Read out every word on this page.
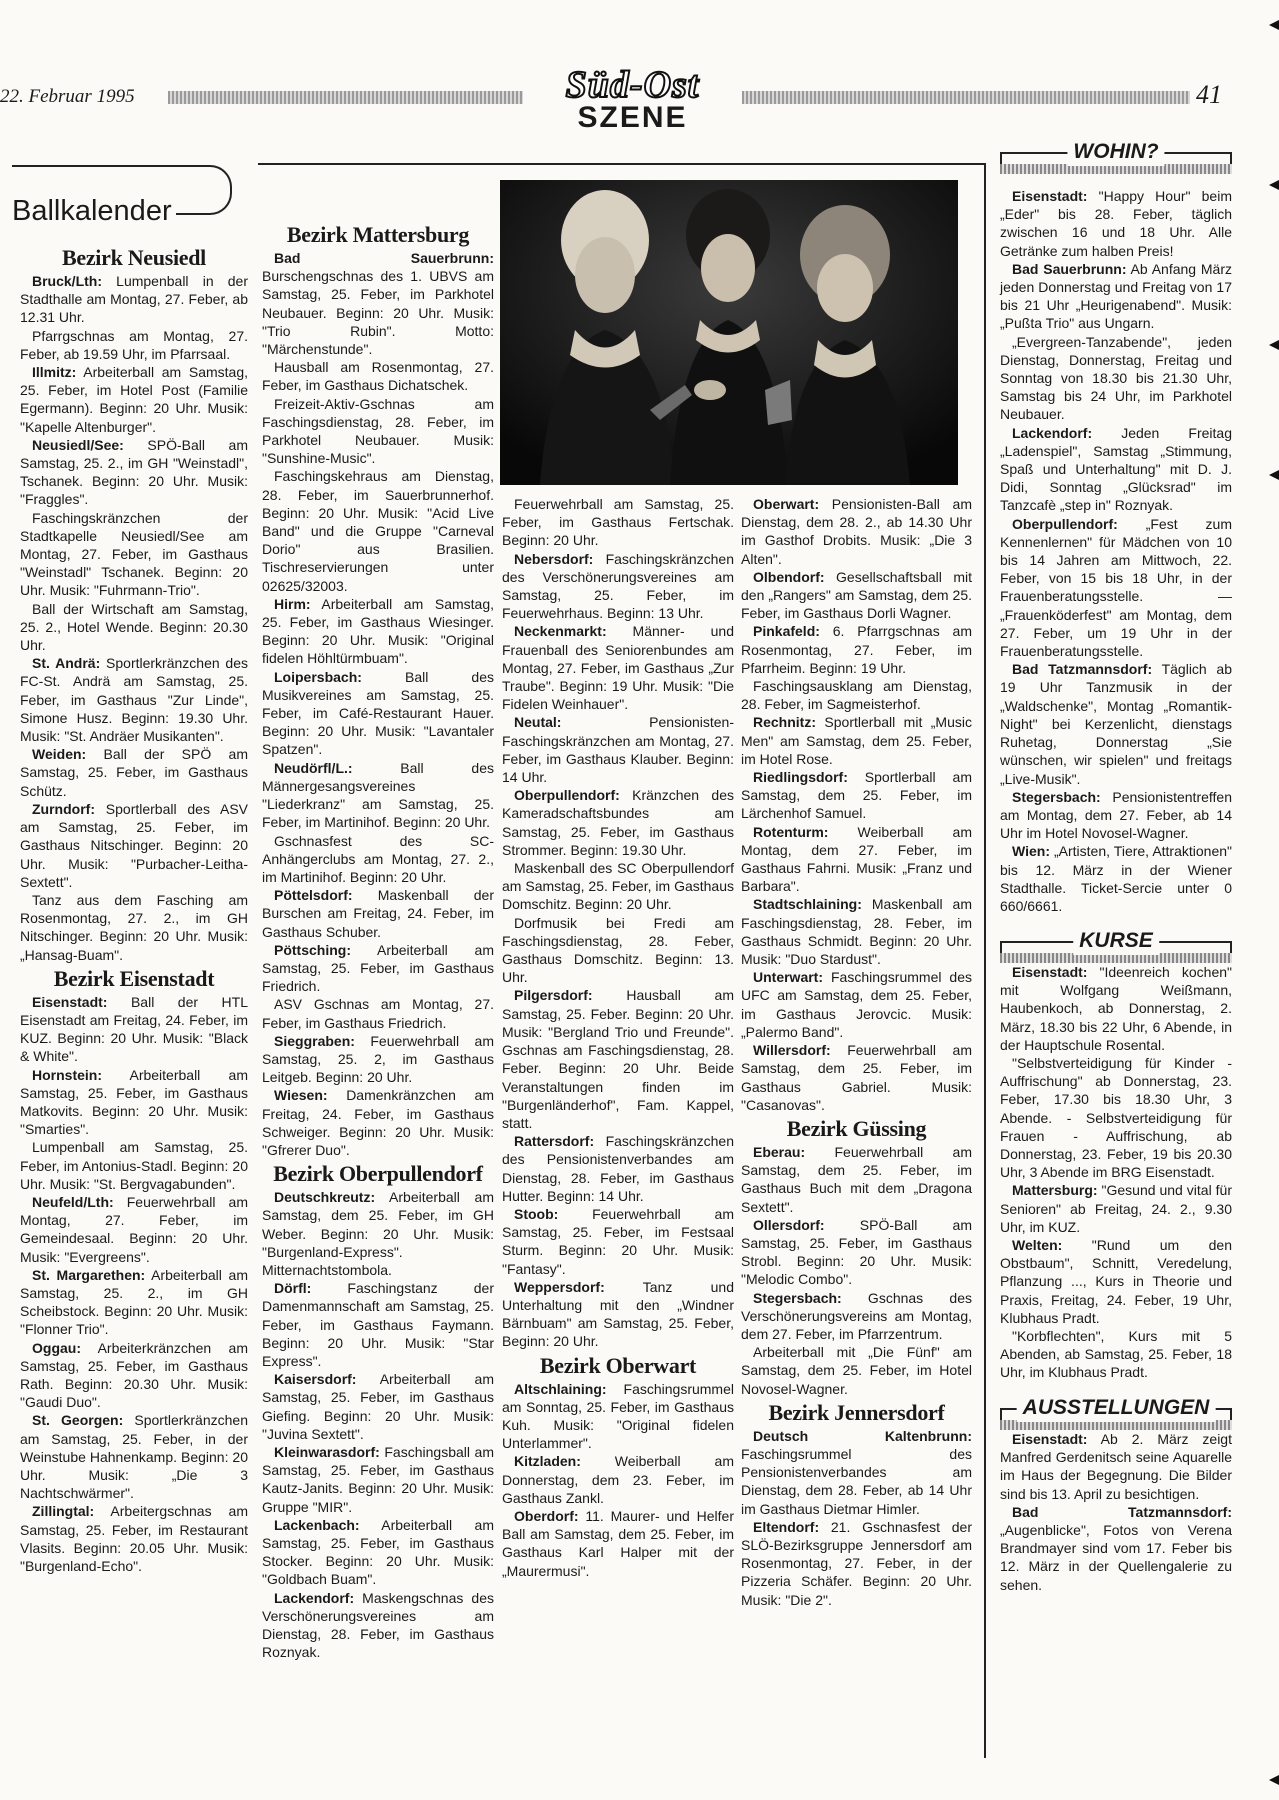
22. Februar 1995	Süd-Ost
SZENE
41
Ballkalender
Bezirk Neusiedl

Bruck/Lth: Lumpenball in der Stadthalle am Montag, 27. Feber, ab 12.31 Uhr.

Pfarrgschnas am Montag, 27. Feber, ab 19.59 Uhr, im Pfarrsaal.

Illmitz: Arbeiterball am Samstag, 25. Feber, im Hotel Post (Familie Egermann). Beginn: 20 Uhr. Musik: "Kapelle Altenburger".

Neusiedl/See: SPÖ-Ball am Samstag, 25. 2., im GH "Weinstadl", Tschanek. Beginn: 20 Uhr. Musik: "Fraggles".

Faschingskränzchen der Stadtkapelle Neusiedl/See am Montag, 27. Feber, im Gasthaus "Weinstadl" Tschanek. Beginn: 20 Uhr. Musik: "Fuhrmann-Trio".

Ball der Wirtschaft am Samstag, 25. 2., Hotel Wende. Beginn: 20.30 Uhr.

St. Andrä: Sportlerkränzchen des FC-St. Andrä am Samstag, 25. Feber, im Gasthaus "Zur Linde", Simone Husz. Beginn: 19.30 Uhr. Musik: "St. Andräer Musikanten".

Weiden: Ball der SPÖ am Samstag, 25. Feber, im Gasthaus Schütz.

Zurndorf: Sportlerball des ASV am Samstag, 25. Feber, im Gasthaus Nitschinger. Beginn: 20 Uhr. Musik: "Purbacher-Leitha-Sextett".

Tanz aus dem Fasching am Rosenmontag, 27. 2., im GH Nitschinger. Beginn: 20 Uhr. Musik: „Hansag-Buam".

Bezirk Eisenstadt

Eisenstadt: Ball der HTL Eisenstadt am Freitag, 24. Feber, im KUZ. Beginn: 20 Uhr. Musik: "Black & White".

Hornstein: Arbeiterball am Samstag, 25. Feber, im Gasthaus Matkovits. Beginn: 20 Uhr. Musik: "Smarties".

Lumpenball am Samstag, 25. Feber, im Antonius-Stadl. Beginn: 20 Uhr. Musik: "St. Bergvagabunden".

Neufeld/Lth: Feuerwehrball am Montag, 27. Feber, im Gemeindesaal. Beginn: 20 Uhr. Musik: "Evergreens".

St. Margarethen: Arbeiterball am Samstag, 25. 2., im GH Scheibstock. Beginn: 20 Uhr. Musik: "Flonner Trio".

Oggau: Arbeiterkränzchen am Samstag, 25. Feber, im Gasthaus Rath. Beginn: 20.30 Uhr. Musik: "Gaudi Duo".

St. Georgen: Sportlerkränzchen am Samstag, 25. Feber, in der Weinstube Hahnenkamp. Beginn: 20 Uhr. Musik: „Die 3 Nachtschwärmer".

Zillingtal: Arbeitergschnas am Samstag, 25. Feber, im Restaurant Vlasits. Beginn: 20.05 Uhr. Musik: "Burgenland-Echo".

Bezirk Mattersburg

Bad Sauerbrunn: Burschengschnas des 1. UBVS am Samstag, 25. Feber, im Parkhotel Neubauer. Beginn: 20 Uhr. Musik: "Trio Rubin". Motto: "Märchenstunde".

Hausball am Rosenmontag, 27. Feber, im Gasthaus Dichatschek.

Freizeit-Aktiv-Gschnas am Faschingsdienstag, 28. Feber, im Parkhotel Neubauer. Musik: "Sunshine-Music".

Faschingskehraus am Dienstag, 28. Feber, im Sauerbrunnerhof. Beginn: 20 Uhr. Musik: "Acid Live Band" und die Gruppe "Carneval Dorio" aus Brasilien. Tischreservierungen unter 02625/32003.

Hirm: Arbeiterball am Samstag, 25. Feber, im Gasthaus Wiesinger. Beginn: 20 Uhr. Musik: "Original fidelen Höhltürmbuam".

Loipersbach: Ball des Musikvereines am Samstag, 25. Feber, im Café-Restaurant Hauer. Beginn: 20 Uhr. Musik: "Lavantaler Spatzen".

Neudörfl/L.: Ball des Männergesangsvereines "Liederkranz" am Samstag, 25. Feber, im Martinihof. Beginn: 20 Uhr.

Gschnasfest des SC-Anhängerclubs am Montag, 27. 2., im Martinihof. Beginn: 20 Uhr.

Pöttelsdorf: Maskenball der Burschen am Freitag, 24. Feber, im Gasthaus Schuber.

Pöttsching: Arbeiterball am Samstag, 25. Feber, im Gasthaus Friedrich.

ASV Gschnas am Montag, 27. Feber, im Gasthaus Friedrich.

Sieggraben: Feuerwehrball am Samstag, 25. 2, im Gasthaus Leitgeb. Beginn: 20 Uhr.

Wiesen: Damenkränzchen am Freitag, 24. Feber, im Gasthaus Schweiger. Beginn: 20 Uhr. Musik: "Gfrerer Duo".

Bezirk Oberpullendorf

Deutschkreutz: Arbeiterball am Samstag, dem 25. Feber, im GH Weber. Beginn: 20 Uhr. Musik: "Burgenland-Express". Mitternachtstombola.

Dörfl: Faschingstanz der Damenmannschaft am Samstag, 25. Feber, im Gasthaus Faymann. Beginn: 20 Uhr. Musik: "Star Express".

Kaisersdorf: Arbeiterball am Samstag, 25. Feber, im Gasthaus Giefing. Beginn: 20 Uhr. Musik: "Juvina Sextett".

Kleinwarasdorf: Faschingsball am Samstag, 25. Feber, im Gasthaus Kautz-Janits. Beginn: 20 Uhr. Musik: Gruppe "MIR".

Lackenbach: Arbeiterball am Samstag, 25. Feber, im Gasthaus Stocker. Beginn: 20 Uhr. Musik: "Goldbach Buam".

Lackendorf: Maskengschnas des Verschönerungsvereines am Dienstag, 28. Feber, im Gasthaus Roznyak.

Feuerwehrball am Samstag, 25. Feber, im Gasthaus Fertschak. Beginn: 20 Uhr.

Nebersdorf: Faschingskränzchen des Verschönerungsvereines am Samstag, 25. Feber, im Feuerwehrhaus. Beginn: 13 Uhr.

Neckenmarkt: Männer- und Frauenball des Seniorenbundes am Montag, 27. Feber, im Gasthaus „Zur Traube". Beginn: 19 Uhr. Musik: "Die Fidelen Weinhauer".

Neutal: Pensionisten-Faschingskränzchen am Montag, 27. Feber, im Gasthaus Klauber. Beginn: 14 Uhr.

Oberpullendorf: Kränzchen des Kameradschaftsbundes am Samstag, 25. Feber, im Gasthaus Strommer. Beginn: 19.30 Uhr.

Maskenball des SC Oberpullendorf am Samstag, 25. Feber, im Gasthaus Domschitz. Beginn: 20 Uhr.

Dorfmusik bei Fredi am Faschingsdienstag, 28. Feber, Gasthaus Domschitz. Beginn: 13. Uhr.

Pilgersdorf: Hausball am Samstag, 25. Feber. Beginn: 20 Uhr. Musik: "Bergland Trio und Freunde". Gschnas am Faschingsdienstag, 28. Feber. Beginn: 20 Uhr. Beide Veranstaltungen finden im "Burgenländerhof", Fam. Kappel, statt.

Rattersdorf: Faschingskränzchen des Pensionistenverbandes am Dienstag, 28. Feber, im Gasthaus Hutter. Beginn: 14 Uhr.

Stoob: Feuerwehrball am Samstag, 25. Feber, im Festsaal Sturm. Beginn: 20 Uhr. Musik: "Fantasy".

Weppersdorf: Tanz und Unterhaltung mit den „Windner Bärnbuam" am Samstag, 25. Feber, Beginn: 20 Uhr.

Bezirk Oberwart

Altschlaining: Faschingsrummel am Sonntag, 25. Feber, im Gasthaus Kuh. Musik: "Original fidelen Unterlammer".

Kitzladen: Weiberball am Donnerstag, dem 23. Feber, im Gasthaus Zankl.

Oberdorf: 11. Maurer- und Helfer Ball am Samstag, dem 25. Feber, im Gasthaus Karl Halper mit der „Maurermusi".

Oberwart: Pensionisten-Ball am Dienstag, dem 28. 2., ab 14.30 Uhr im Gasthof Drobits. Musik: „Die 3 Alten".

Olbendorf: Gesellschaftsball mit den „Rangers" am Samstag, dem 25. Feber, im Gasthaus Dorli Wagner.

Pinkafeld: 6. Pfarrgschnas am Rosenmontag, 27. Feber, im Pfarrheim. Beginn: 19 Uhr.

Faschingsausklang am Dienstag, 28. Feber, im Sagmeisterhof.

Rechnitz: Sportlerball mit „Music Men" am Samstag, dem 25. Feber, im Hotel Rose.

Riedlingsdorf: Sportlerball am Samstag, dem 25. Feber, im Lärchenhof Samuel.

Rotenturm: Weiberball am Montag, dem 27. Feber, im Gasthaus Fahrni. Musik: „Franz und Barbara".

Stadtschlaining: Maskenball am Faschingsdienstag, 28. Feber, im Gasthaus Schmidt. Beginn: 20 Uhr. Musik: "Duo Stardust".

Unterwart: Faschingsrummel des UFC am Samstag, dem 25. Feber, im Gasthaus Jerovcic. Musik: „Palermo Band".

Willersdorf: Feuerwehrball am Samstag, dem 25. Feber, im Gasthaus Gabriel. Musik: "Casanovas".

Bezirk Güssing

Eberau: Feuerwehrball am Samstag, dem 25. Feber, im Gasthaus Buch mit dem „Dragona Sextett".

Ollersdorf: SPÖ-Ball am Samstag, 25. Feber, im Gasthaus Strobl. Beginn: 20 Uhr. Musik: "Melodic Combo".

Stegersbach: Gschnas des Verschönerungsvereins am Montag, dem 27. Feber, im Pfarrzentrum.

Arbeiterball mit „Die Fünf" am Samstag, dem 25. Feber, im Hotel Novosel-Wagner.

Bezirk Jennersdorf

Deutsch Kaltenbrunn: Faschingsrummel des Pensionistenverbandes am Dienstag, dem 28. Feber, ab 14 Uhr im Gasthaus Dietmar Himler.

Eltendorf: 21. Gschnasfest der SLÖ-Bezirksgruppe Jennersdorf am Rosenmontag, 27. Feber, in der Pizzeria Schäfer. Beginn: 20 Uhr. Musik: "Die 2".

WOHIN?

Eisenstadt: "Happy Hour" beim „Eder" bis 28. Feber, täglich zwischen 16 und 18 Uhr. Alle Getränke zum halben Preis!

Bad Sauerbrunn: Ab Anfang März jeden Donnerstag und Freitag von 17 bis 21 Uhr „Heurigenabend". Musik: „Pußta Trio" aus Ungarn.

„Evergreen-Tanzabende", jeden Dienstag, Donnerstag, Freitag und Sonntag von 18.30 bis 21.30 Uhr, Samstag bis 24 Uhr, im Parkhotel Neubauer.

Lackendorf: Jeden Freitag „Ladenspiel", Samstag „Stimmung, Spaß und Unterhaltung" mit D. J. Didi, Sonntag „Glücksrad" im Tanzcafè „step in" Roznyak.

Oberpullendorf: „Fest zum Kennenlernen" für Mädchen von 10 bis 14 Jahren am Mittwoch, 22. Feber, von 15 bis 18 Uhr, in der Frauenberatungsstelle. — „Frauenköderfest" am Montag, dem 27. Feber, um 19 Uhr in der Frauenberatungsstelle.

Bad Tatzmannsdorf: Täglich ab 19 Uhr Tanzmusik in der „Waldschenke", Montag „Romantik-Night" bei Kerzenlicht, dienstags Ruhetag, Donnerstag „Sie wünschen, wir spielen" und freitags „Live-Musik".

Stegersbach: Pensionistentreffen am Montag, dem 27. Feber, ab 14 Uhr im Hotel Novosel-Wagner.

Wien: „Artisten, Tiere, Attraktionen" bis 12. März in der Wiener Stadthalle. Ticket-Sercie unter 0 660/6661.

KURSE

Eisenstadt: "Ideenreich kochen" mit Wolfgang Weißmann, Haubenkoch, ab Donnerstag, 2. März, 18.30 bis 22 Uhr, 6 Abende, in der Hauptschule Rosental.

"Selbstverteidigung für Kinder - Auffrischung" ab Donnerstag, 23. Feber, 17.30 bis 18.30 Uhr, 3 Abende. - Selbstverteidigung für Frauen - Auffrischung, ab Donnerstag, 23. Feber, 19 bis 20.30 Uhr, 3 Abende im BRG Eisenstadt.

Mattersburg: "Gesund und vital für Senioren" ab Freitag, 24. 2., 9.30 Uhr, im KUZ.

Welten: "Rund um den Obstbaum", Schnitt, Veredelung, Pflanzung ..., Kurs in Theorie und Praxis, Freitag, 24. Feber, 19 Uhr, Klubhaus Pradt.

"Korbflechten", Kurs mit 5 Abenden, ab Samstag, 25. Feber, 18 Uhr, im Klubhaus Pradt.

AUSSTELLUNGEN

Eisenstadt: Ab 2. März zeigt Manfred Gerdenitsch seine Aquarelle im Haus der Begegnung. Die Bilder sind bis 13. April zu besichtigen.

Bad Tatzmannsdorf: „Augenblicke", Fotos von Verena Brandmayer sind vom 17. Feber bis 12. März in der Quellengalerie zu sehen.
